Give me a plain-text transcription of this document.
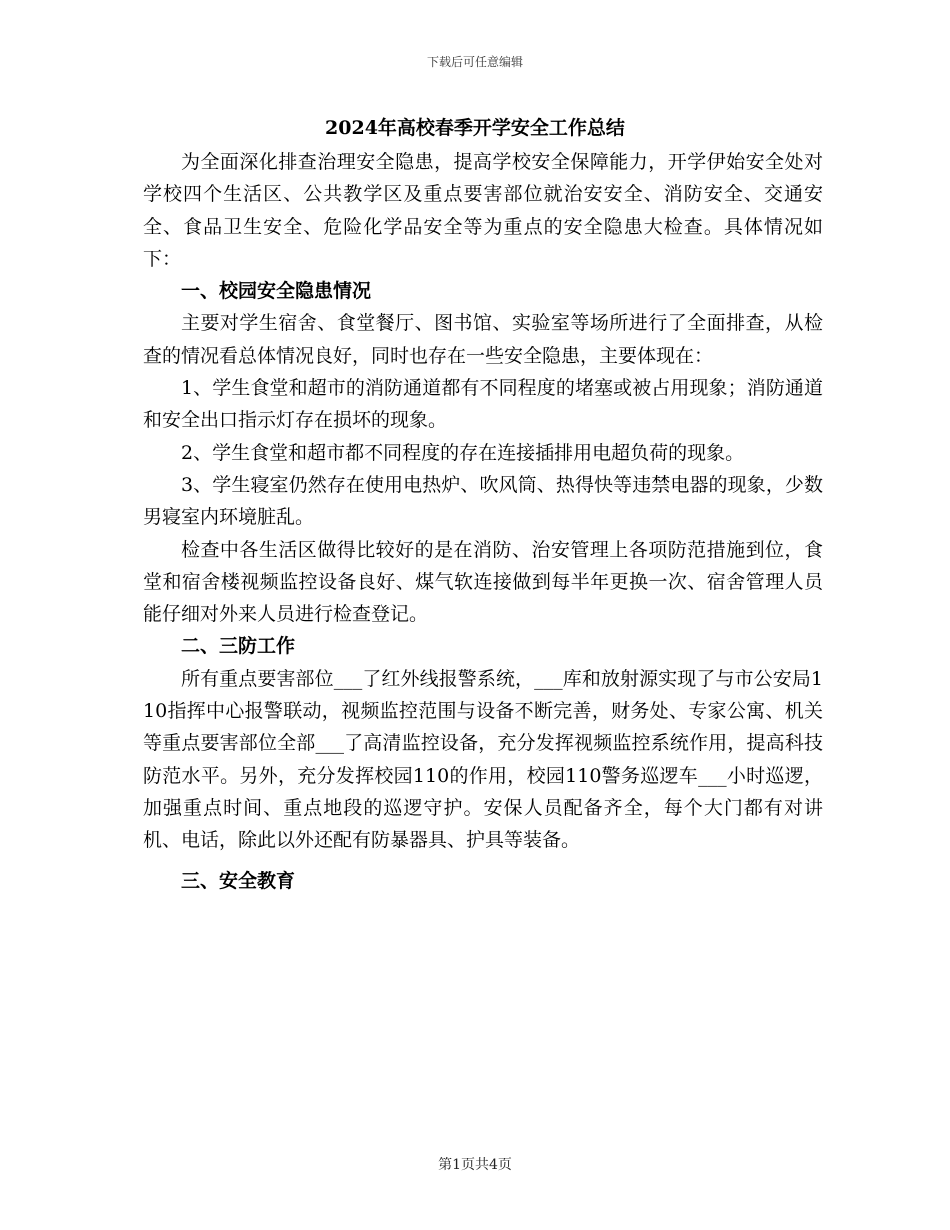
下载后可任意编辑
2024年高校春季开学安全工作总结

为全面深化排查治理安全隐患，提高学校安全保障能力，开学伊始安全处对学校四个生活区、公共教学区及重点要害部位就治安安全、消防安全、交通安全、食品卫生安全、危险化学品安全等为重点的安全隐患大检查。具体情况如下：

一、校园安全隐患情况

主要对学生宿舍、食堂餐厅、图书馆、实验室等场所进行了全面排查，从检查的情况看总体情况良好，同时也存在一些安全隐患，主要体现在：

1、学生食堂和超市的消防通道都有不同程度的堵塞或被占用现象；消防通道和安全出口指示灯存在损坏的现象。

2、学生食堂和超市都不同程度的存在连接插排用电超负荷的现象。

3、学生寝室仍然存在使用电热炉、吹风筒、热得快等违禁电器的现象，少数男寝室内环境脏乱。

检查中各生活区做得比较好的是在消防、治安管理上各项防范措施到位，食堂和宿舍楼视频监控设备良好、煤气软连接做到每半年更换一次、宿舍管理人员能仔细对外来人员进行检查登记。

二、三防工作

所有重点要害部位___了红外线报警系统，___库和放射源实现了与市公安局110指挥中心报警联动，视频监控范围与设备不断完善，财务处、专家公寓、机关等重点要害部位全部___了高清监控设备，充分发挥视频监控系统作用，提高科技防范水平。另外，充分发挥校园110的作用，校园110警务巡逻车___小时巡逻，加强重点时间、重点地段的巡逻守护。安保人员配备齐全，每个大门都有对讲机、电话，除此以外还配有防暴器具、护具等装备。

三、安全教育

第1页共4页
